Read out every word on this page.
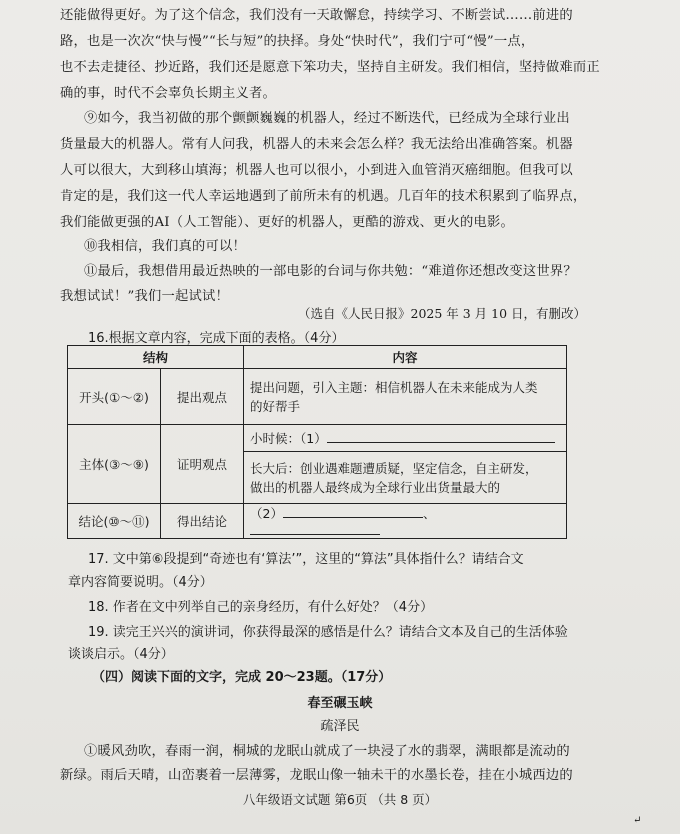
还能做得更好。为了这个信念，我们没有一天敢懈怠，持续学习、不断尝试……前进的
路，也是一次次“快与慢”“长与短”的抉择。身处“快时代”，我们宁可“慢”一点，
也不去走捷径、抄近路，我们还是愿意下笨功夫，坚持自主研发。我们相信，坚持做难而正
确的事，时代不会辜负长期主义者。
⑨如今，我当初做的那个颤颤巍巍的机器人，经过不断迭代，已经成为全球行业出
货量最大的机器人。常有人问我，机器人的未来会怎么样？我无法给出准确答案。机器
人可以很大，大到移山填海；机器人也可以很小，小到进入血管消灭癌细胞。但我可以
肯定的是，我们这一代人幸运地遇到了前所未有的机遇。几百年的技术积累到了临界点，
我们能做更强的AI（人工智能）、更好的机器人，更酷的游戏、更火的电影。
⑩我相信，我们真的可以！
⑪最后，我想借用最近热映的一部电影的台词与你共勉：“难道你还想改变这世界？
我想试试！”我们一起试试！
（选自《人民日报》2025 年 3 月 10 日，有删改）
16.根据文章内容，完成下面的表格。（4分）
结构		内容
开头(①～②)	提出观点	提出问题，引入主题：相信机器人在未来能成为人类
的好帮手

主体(③～⑨)	证明观点	小时候：（1）

		长大后：创业遇难题遭质疑，坚定信念，自主研发，
做出的机器人最终成为全球行业出货量最大的

结论(⑩～⑪)	得出结论	（2） 、
17. 文中第⑥段提到“奇迹也有‘算法’”，这里的“算法”具体指什么？请结合文
章内容简要说明。（4分）
18. 作者在文中列举自己的亲身经历，有什么好处？（4分）
19. 读完王兴兴的演讲词，你获得最深的感悟是什么？请结合文本及自己的生活体验
谈谈启示。（4分）
（四）阅读下面的文字，完成 20～23题。（17分）
春至碾玉峡
疏泽民
①暖风劲吹，春雨一润，桐城的龙眠山就成了一块浸了水的翡翠，满眼都是流动的
新绿。雨后天晴，山峦裹着一层薄雾，龙眠山像一轴未干的水墨长卷，挂在小城西边的
八年级语文试题 第6页 （共 8 页）
↵
